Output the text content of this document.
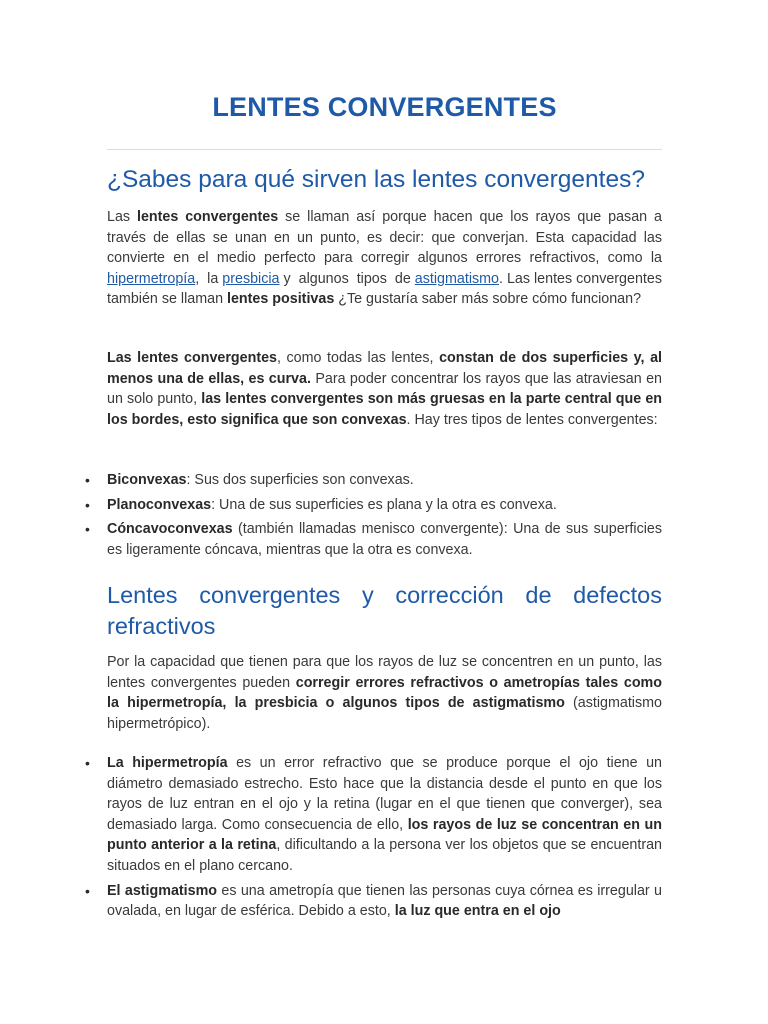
LENTES CONVERGENTES
¿Sabes para qué sirven las lentes convergentes?

Las lentes convergentes se llaman así porque hacen que los rayos que pasan a través de ellas se unan en un punto, es decir: que converjan. Esta capacidad las convierte en el medio perfecto para corregir algunos errores refractivos, como la hipermetropía,  la presbicia y  algunos  tipos  de astigmatismo. Las lentes convergentes también se llaman lentes positivas ¿Te gustaría saber más sobre cómo funcionan?

Las lentes convergentes, como todas las lentes, constan de dos superficies y, al menos una de ellas, es curva. Para poder concentrar los rayos que las atraviesan en un solo punto, las lentes convergentes son más gruesas en la parte central que en los bordes, esto significa que son convexas. Hay tres tipos de lentes convergentes:

• Biconvexas: Sus dos superficies son convexas.
• Planoconvexas: Una de sus superficies es plana y la otra es convexa.
• Cóncavoconvexas (también llamadas menisco convergente): Una de sus superficies es ligeramente cóncava, mientras que la otra es convexa.
Lentes convergentes y corrección de defectos
refractivos

Por la capacidad que tienen para que los rayos de luz se concentren en un punto, las lentes convergentes pueden corregir errores refractivos o ametropías tales como la hipermetropía, la presbicia o algunos tipos de astigmatismo (astigmatismo hipermetrópico).

• La hipermetropía es un error refractivo que se produce porque el ojo tiene un diámetro demasiado estrecho. Esto hace que la distancia desde el punto en que los rayos de luz entran en el ojo y la retina (lugar en el que tienen que converger), sea demasiado larga. Como consecuencia de ello, los rayos de luz se concentran en un punto anterior a la retina, dificultando a la persona ver los objetos que se encuentran situados en el plano cercano.
• El astigmatismo es una ametropía que tienen las personas cuya córnea es irregular u ovalada, en lugar de esférica. Debido a esto, la luz que entra en el ojo
